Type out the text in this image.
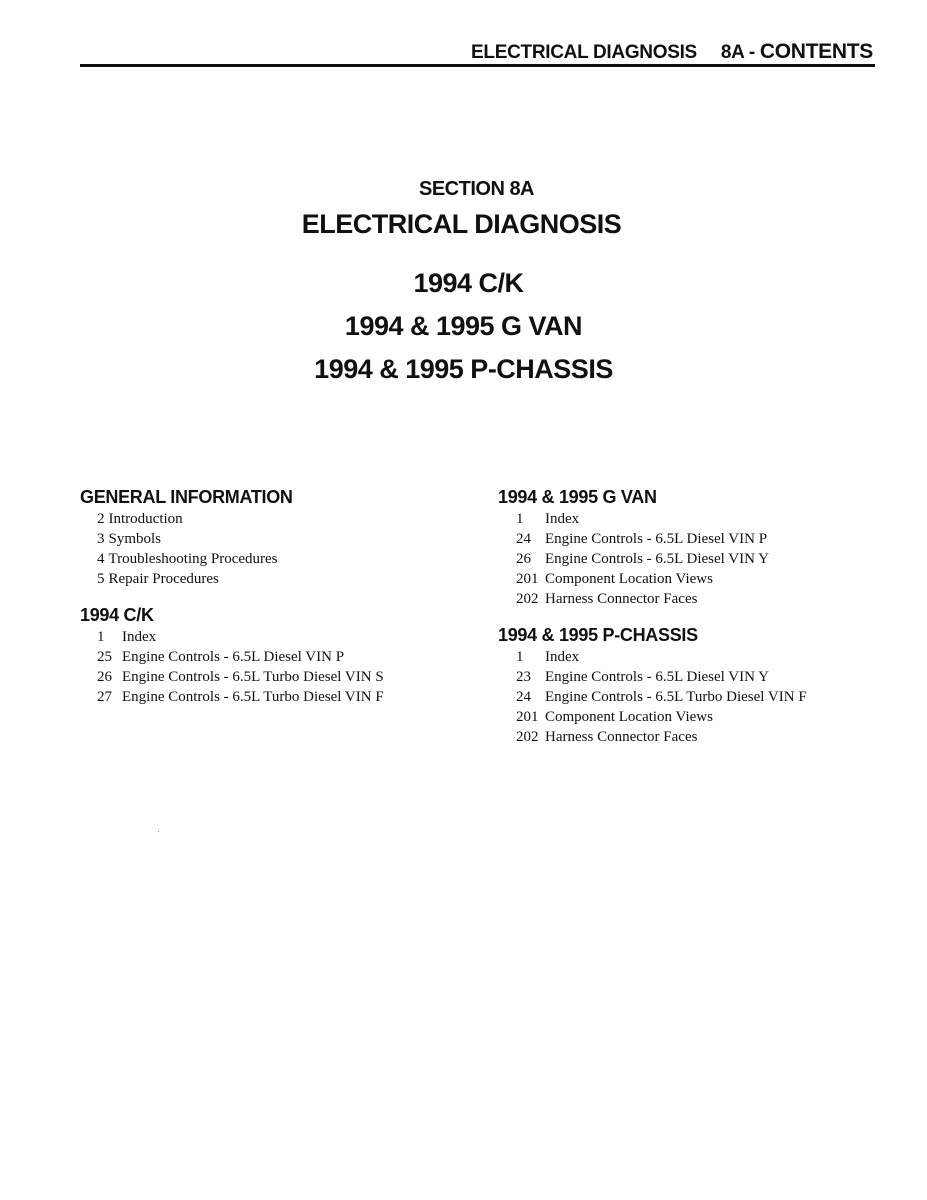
ELECTRICAL DIAGNOSIS 8A - CONTENTS
SECTION 8A
ELECTRICAL DIAGNOSIS
1994 C/K
1994 & 1995 G VAN
1994 & 1995 P-CHASSIS
GENERAL INFORMATION
2 Introduction
3 Symbols
4 Troubleshooting Procedures
5 Repair Procedures
1994 C/K
1 Index
25 Engine Controls - 6.5L Diesel VIN P
26 Engine Controls - 6.5L Turbo Diesel VIN S
27 Engine Controls - 6.5L Turbo Diesel VIN F
1994 & 1995 G VAN
1 Index
24 Engine Controls - 6.5L Diesel VIN P
26 Engine Controls - 6.5L Diesel VIN Y
201 Component Location Views
202 Harness Connector Faces
1994 & 1995 P-CHASSIS
1 Index
23 Engine Controls - 6.5L Diesel VIN Y
24 Engine Controls - 6.5L Turbo Diesel VIN F
201 Component Location Views
202 Harness Connector Faces
